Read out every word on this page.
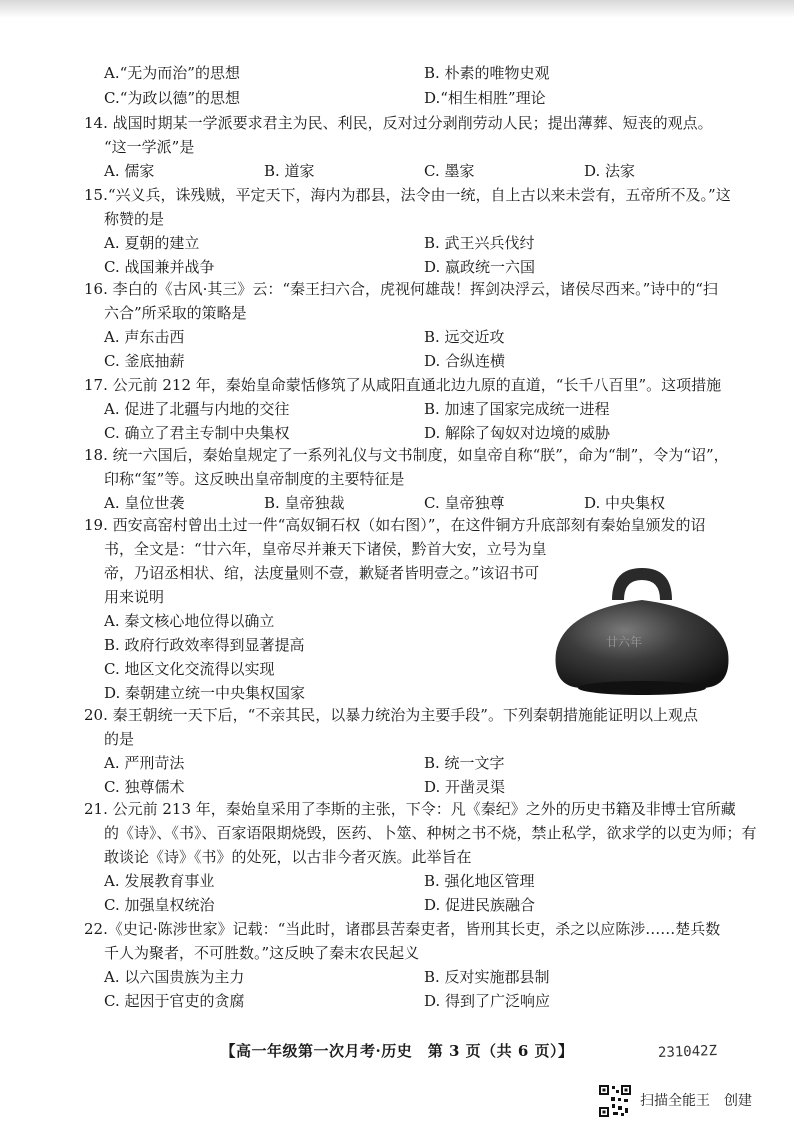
A.“无为而治”的思想	B. 朴素的唯物史观
C.“为政以德”的思想	D.“相生相胜”理论
14. 战国时期某一学派要求君主为民、利民，反对过分剥削劳动人民；提出薄葬、短丧的观点。
“这一学派”是
A. 儒家	B. 道家	C. 墨家	D. 法家
15.“兴义兵，诛残贼，平定天下，海内为郡县，法令由一统，自上古以来未尝有，五帝所不及。”这
称赞的是
A. 夏朝的建立	B. 武王兴兵伐纣
C. 战国兼并战争	D. 嬴政统一六国
16. 李白的《古风·其三》云：“秦王扫六合，虎视何雄哉！挥剑决浮云，诸侯尽西来。”诗中的“扫
六合”所采取的策略是
A. 声东击西	B. 远交近攻
C. 釜底抽薪	D. 合纵连横
17. 公元前 212 年，秦始皇命蒙恬修筑了从咸阳直通北边九原的直道，“长千八百里”。这项措施
A. 促进了北疆与内地的交往	B. 加速了国家完成统一进程
C. 确立了君主专制中央集权	D. 解除了匈奴对边境的威胁
18. 统一六国后，秦始皇规定了一系列礼仪与文书制度，如皇帝自称“朕”，命为“制”，令为“诏”，
印称“玺”等。这反映出皇帝制度的主要特征是
A. 皇位世袭	B. 皇帝独裁	C. 皇帝独尊	D. 中央集权
19. 西安高窑村曾出土过一件“高奴铜石权（如右图）”，在这件铜方升底部刻有秦始皇颁发的诏
书，全文是：“廿六年，皇帝尽并兼天下诸侯，黔首大安，立号为皇
帝，乃诏丞相状、绾，法度量则不壹，歉疑者皆明壹之。”该诏书可
用来说明
A. 秦文核心地位得以确立
B. 政府行政效率得到显著提高
C. 地区文化交流得以实现
D. 秦朝建立统一中央集权国家
廿六年
20. 秦王朝统一天下后，“不亲其民，以暴力统治为主要手段”。下列秦朝措施能证明以上观点
的是
A. 严刑苛法	B. 统一文字
C. 独尊儒术	D. 开凿灵渠
21. 公元前 213 年，秦始皇采用了李斯的主张，下令：凡《秦纪》之外的历史书籍及非博士官所藏
的《诗》、《书》、百家语限期烧毁，医药、卜筮、种树之书不烧，禁止私学，欲求学的以吏为师；有
敢谈论《诗》《书》的处死，以古非今者灭族。此举旨在
A. 发展教育事业	B. 强化地区管理
C. 加强皇权统治	D. 促进民族融合
22.《史记·陈涉世家》记载：“当此时，诸郡县苦秦吏者，皆刑其长吏，杀之以应陈涉……楚兵数
千人为聚者，不可胜数。”这反映了秦末农民起义
A. 以六国贵族为主力	B. 反对实施郡县制
C. 起因于官吏的贪腐	D. 得到了广泛响应
【高一年级第一次月考·历史　第 3 页（共 6 页）】	231042Z
扫描全能王　创建
